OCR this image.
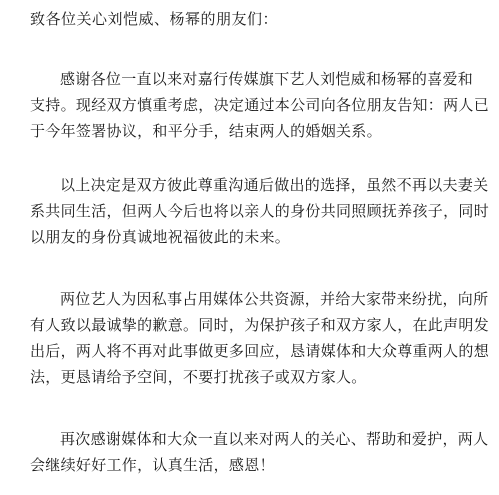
致各位关心刘恺威、杨幂的朋友们：
感谢各位一直以来对嘉行传媒旗下艺人刘恺威和杨幂的喜爱和
支持。现经双方慎重考虑，决定通过本公司向各位朋友告知：两人已
于今年签署协议，和平分手，结束两人的婚姻关系。
以上决定是双方彼此尊重沟通后做出的选择，虽然不再以夫妻关
系共同生活，但两人今后也将以亲人的身份共同照顾抚养孩子，同时
以朋友的身份真诚地祝福彼此的未来。
两位艺人为因私事占用媒体公共资源，并给大家带来纷扰，向所
有人致以最诚挚的歉意。同时，为保护孩子和双方家人，在此声明发
出后，两人将不再对此事做更多回应，恳请媒体和大众尊重两人的想
法，更恳请给予空间，不要打扰孩子或双方家人。
再次感谢媒体和大众一直以来对两人的关心、帮助和爱护，两人
会继续好好工作，认真生活，感恩！
